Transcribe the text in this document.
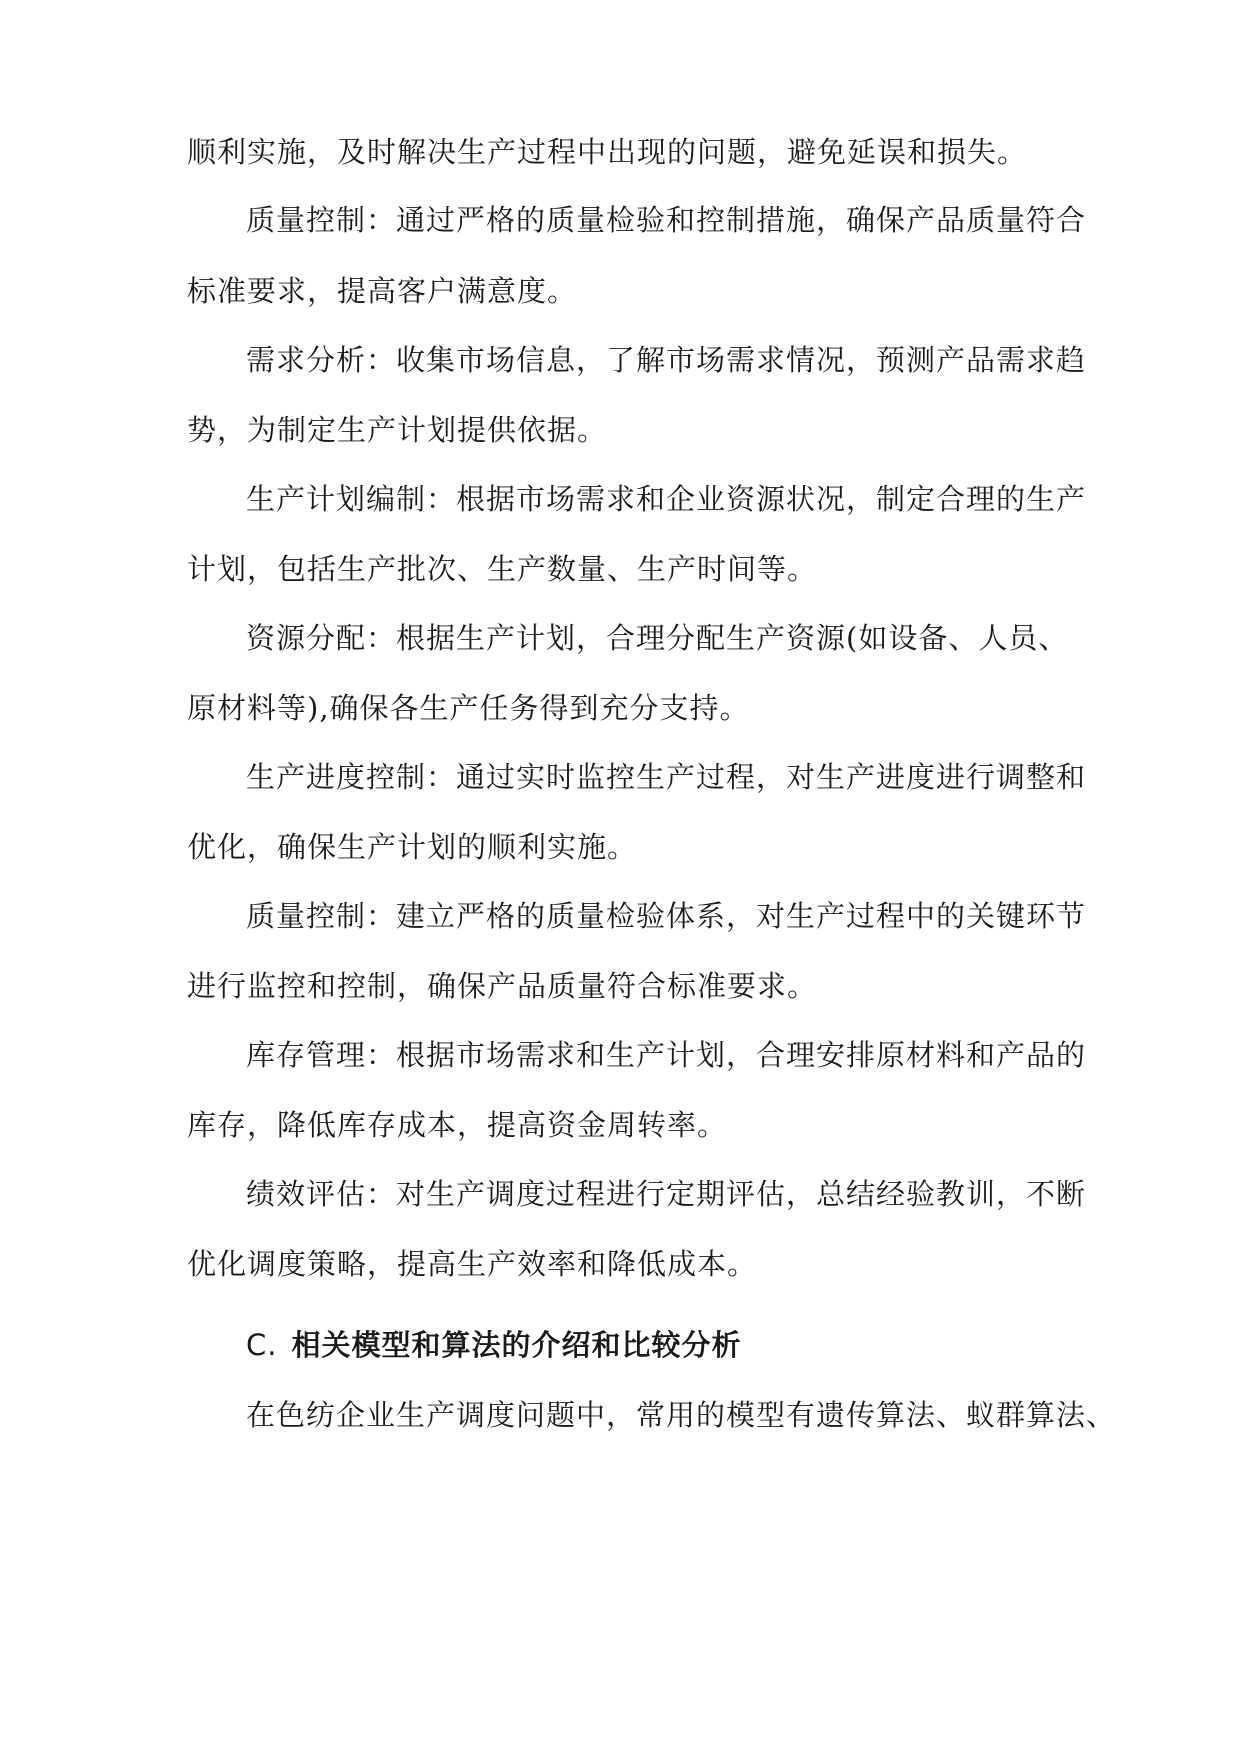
顺利实施，及时解决生产过程中出现的问题，避免延误和损失。
质量控制：通过严格的质量检验和控制措施，确保产品质量符合
标准要求，提高客户满意度。
需求分析：收集市场信息，了解市场需求情况，预测产品需求趋
势，为制定生产计划提供依据。
生产计划编制：根据市场需求和企业资源状况，制定合理的生产
计划，包括生产批次、生产数量、生产时间等。
资源分配：根据生产计划，合理分配生产资源(如设备、人员、
原材料等),确保各生产任务得到充分支持。
生产进度控制：通过实时监控生产过程，对生产进度进行调整和
优化，确保生产计划的顺利实施。
质量控制：建立严格的质量检验体系，对生产过程中的关键环节
进行监控和控制，确保产品质量符合标准要求。
库存管理：根据市场需求和生产计划，合理安排原材料和产品的
库存，降低库存成本，提高资金周转率。
绩效评估：对生产调度过程进行定期评估，总结经验教训，不断
优化调度策略，提高生产效率和降低成本。
C. 相关模型和算法的介绍和比较分析
在色纺企业生产调度问题中，常用的模型有遗传算法、蚁群算法、
